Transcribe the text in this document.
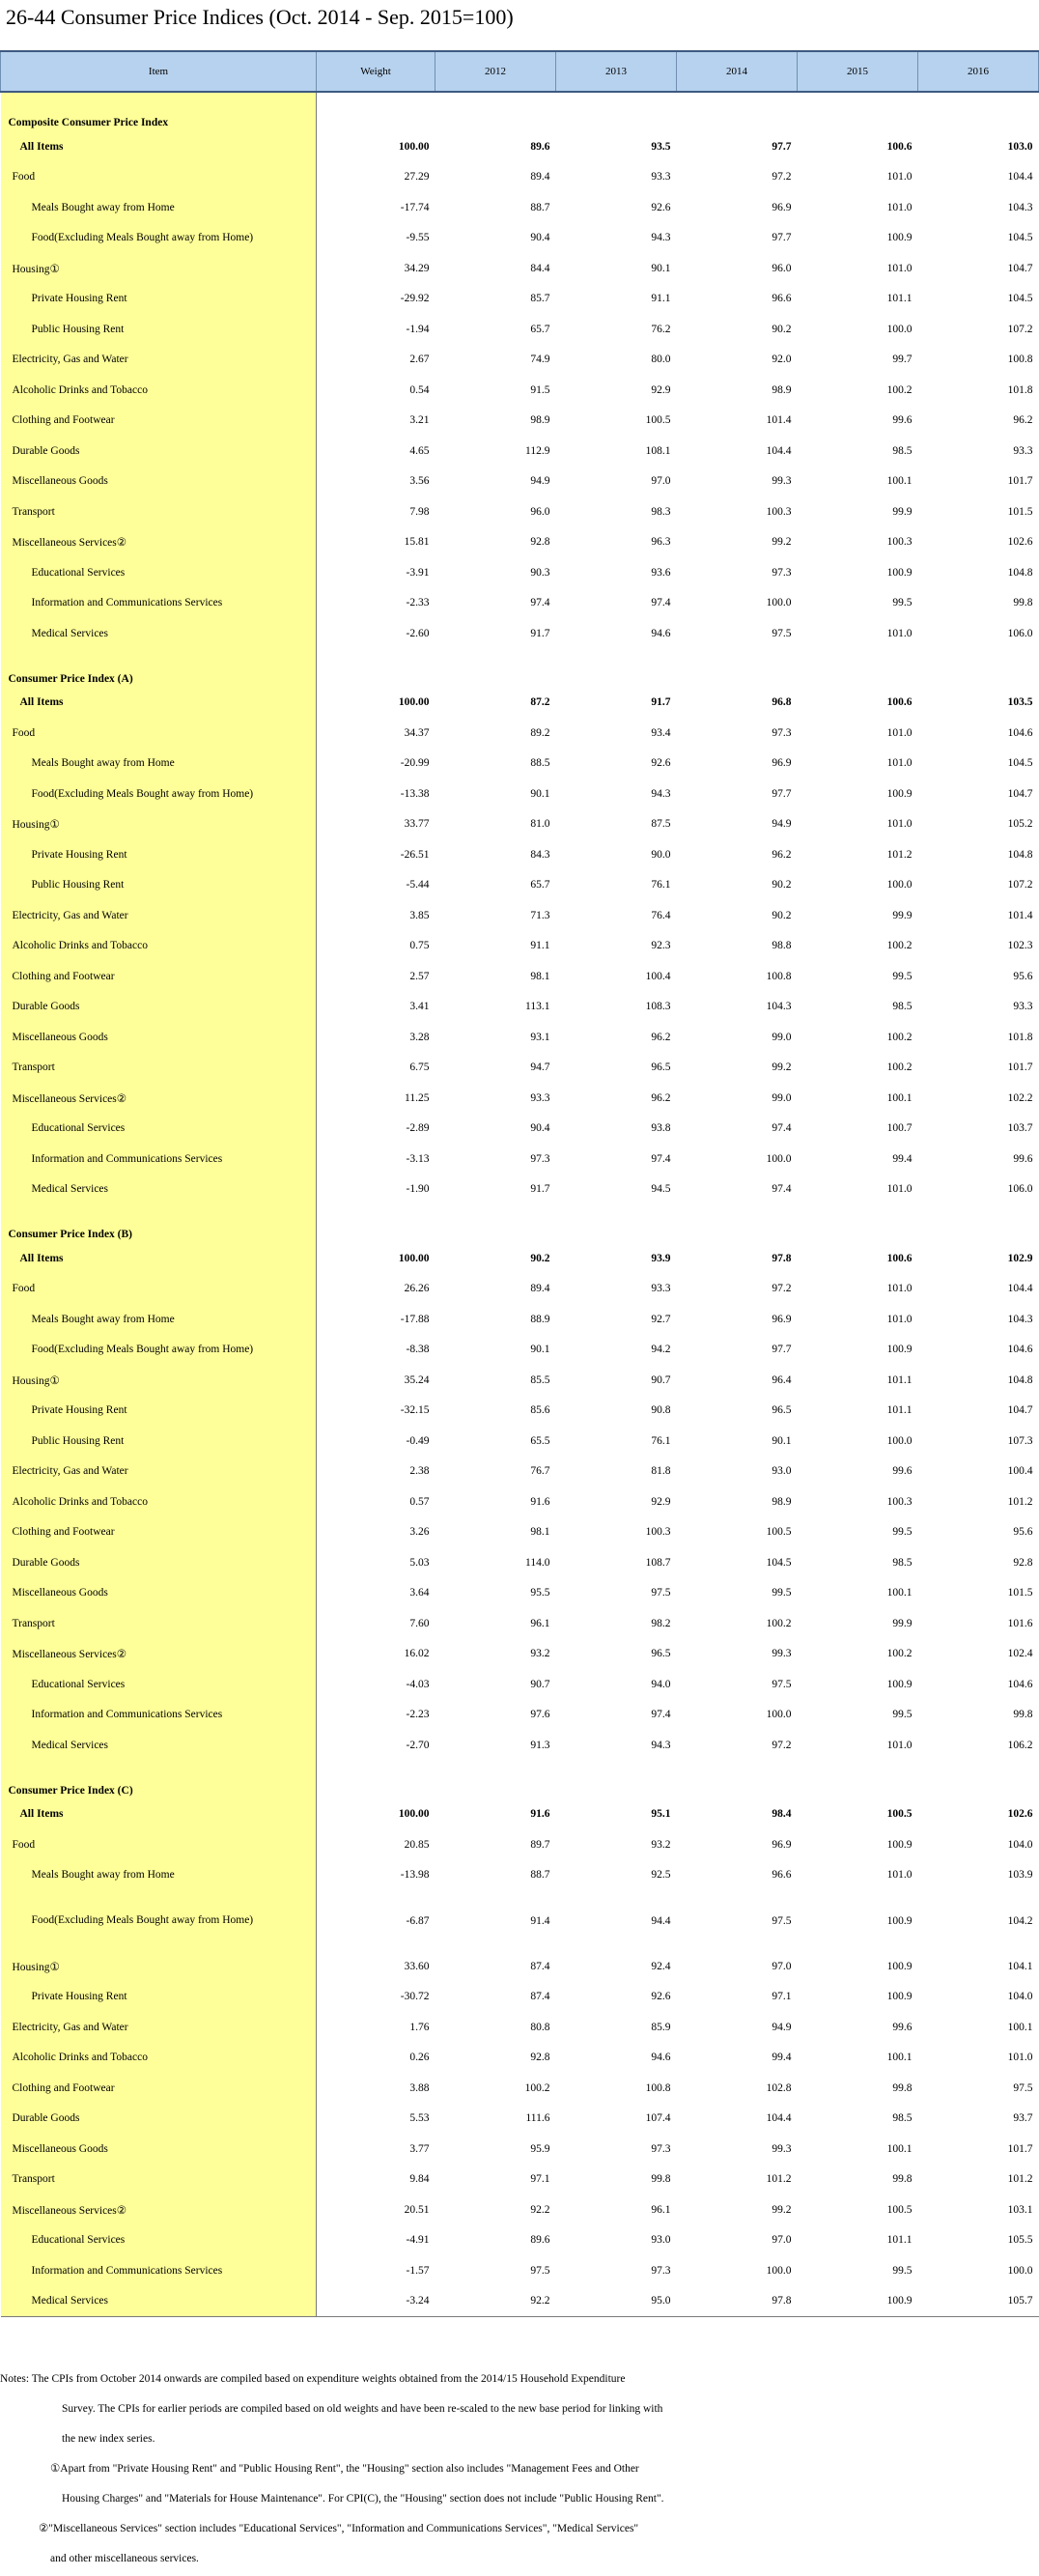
26-44 Consumer Price Indices (Oct. 2014 - Sep. 2015=100)
Item	Weight	2012	2013	2014	2015	2016
Composite Consumer Price Index						
All Items	100.00	89.6	93.5	97.7	100.6	103.0
Food	27.29	89.4	93.3	97.2	101.0	104.4
Meals Bought away from Home	-17.74	88.7	92.6	96.9	101.0	104.3
Food(Excluding Meals Bought away from Home)	-9.55	90.4	94.3	97.7	100.9	104.5
Housing①	34.29	84.4	90.1	96.0	101.0	104.7
Private Housing Rent	-29.92	85.7	91.1	96.6	101.1	104.5
Public Housing Rent	-1.94	65.7	76.2	90.2	100.0	107.2
Electricity, Gas and Water	2.67	74.9	80.0	92.0	99.7	100.8
Alcoholic Drinks and Tobacco	0.54	91.5	92.9	98.9	100.2	101.8
Clothing and Footwear	3.21	98.9	100.5	101.4	99.6	96.2
Durable Goods	4.65	112.9	108.1	104.4	98.5	93.3
Miscellaneous Goods	3.56	94.9	97.0	99.3	100.1	101.7
Transport	7.98	96.0	98.3	100.3	99.9	101.5
Miscellaneous Services②	15.81	92.8	96.3	99.2	100.3	102.6
Educational Services	-3.91	90.3	93.6	97.3	100.9	104.8
Information and Communications Services	-2.33	97.4	97.4	100.0	99.5	99.8
Medical Services	-2.60	91.7	94.6	97.5	101.0	106.0
Consumer Price Index (A)						
All Items	100.00	87.2	91.7	96.8	100.6	103.5
Food	34.37	89.2	93.4	97.3	101.0	104.6
Meals Bought away from Home	-20.99	88.5	92.6	96.9	101.0	104.5
Food(Excluding Meals Bought away from Home)	-13.38	90.1	94.3	97.7	100.9	104.7
Housing①	33.77	81.0	87.5	94.9	101.0	105.2
Private Housing Rent	-26.51	84.3	90.0	96.2	101.2	104.8
Public Housing Rent	-5.44	65.7	76.1	90.2	100.0	107.2
Electricity, Gas and Water	3.85	71.3	76.4	90.2	99.9	101.4
Alcoholic Drinks and Tobacco	0.75	91.1	92.3	98.8	100.2	102.3
Clothing and Footwear	2.57	98.1	100.4	100.8	99.5	95.6
Durable Goods	3.41	113.1	108.3	104.3	98.5	93.3
Miscellaneous Goods	3.28	93.1	96.2	99.0	100.2	101.8
Transport	6.75	94.7	96.5	99.2	100.2	101.7
Miscellaneous Services②	11.25	93.3	96.2	99.0	100.1	102.2
Educational Services	-2.89	90.4	93.8	97.4	100.7	103.7
Information and Communications Services	-3.13	97.3	97.4	100.0	99.4	99.6
Medical Services	-1.90	91.7	94.5	97.4	101.0	106.0
Consumer Price Index (B)						
All Items	100.00	90.2	93.9	97.8	100.6	102.9
Food	26.26	89.4	93.3	97.2	101.0	104.4
Meals Bought away from Home	-17.88	88.9	92.7	96.9	101.0	104.3
Food(Excluding Meals Bought away from Home)	-8.38	90.1	94.2	97.7	100.9	104.6
Housing①	35.24	85.5	90.7	96.4	101.1	104.8
Private Housing Rent	-32.15	85.6	90.8	96.5	101.1	104.7
Public Housing Rent	-0.49	65.5	76.1	90.1	100.0	107.3
Electricity, Gas and Water	2.38	76.7	81.8	93.0	99.6	100.4
Alcoholic Drinks and Tobacco	0.57	91.6	92.9	98.9	100.3	101.2
Clothing and Footwear	3.26	98.1	100.3	100.5	99.5	95.6
Durable Goods	5.03	114.0	108.7	104.5	98.5	92.8
Miscellaneous Goods	3.64	95.5	97.5	99.5	100.1	101.5
Transport	7.60	96.1	98.2	100.2	99.9	101.6
Miscellaneous Services②	16.02	93.2	96.5	99.3	100.2	102.4
Educational Services	-4.03	90.7	94.0	97.5	100.9	104.6
Information and Communications Services	-2.23	97.6	97.4	100.0	99.5	99.8
Medical Services	-2.70	91.3	94.3	97.2	101.0	106.2
Consumer Price Index (C)						
All Items	100.00	91.6	95.1	98.4	100.5	102.6
Food	20.85	89.7	93.2	96.9	100.9	104.0
Meals Bought away from Home	-13.98	88.7	92.5	96.6	101.0	103.9
Food(Excluding Meals Bought away from Home)	-6.87	91.4	94.4	97.5	100.9	104.2
Housing①	33.60	87.4	92.4	97.0	100.9	104.1
Private Housing Rent	-30.72	87.4	92.6	97.1	100.9	104.0
Electricity, Gas and Water	1.76	80.8	85.9	94.9	99.6	100.1
Alcoholic Drinks and Tobacco	0.26	92.8	94.6	99.4	100.1	101.0
Clothing and Footwear	3.88	100.2	100.8	102.8	99.8	97.5
Durable Goods	5.53	111.6	107.4	104.4	98.5	93.7
Miscellaneous Goods	3.77	95.9	97.3	99.3	100.1	101.7
Transport	9.84	97.1	99.8	101.2	99.8	101.2
Miscellaneous Services②	20.51	92.2	96.1	99.2	100.5	103.1
Educational Services	-4.91	89.6	93.0	97.0	101.1	105.5
Information and Communications Services	-1.57	97.5	97.3	100.0	99.5	100.0
Medical Services	-3.24	92.2	95.0	97.8	100.9	105.7
Notes: The CPIs from October 2014 onwards are compiled based on expenditure weights obtained from the 2014/15 Household Expenditure
Survey. The CPIs for earlier periods are compiled based on old weights and have been re-scaled to the new base period for linking with
the new index series.
①Apart from "Private Housing Rent" and "Public Housing Rent", the "Housing" section also includes "Management Fees and Other
Housing Charges" and "Materials for House Maintenance". For CPI(C), the "Housing" section does not include "Public Housing Rent".
②"Miscellaneous Services" section includes "Educational Services", "Information and Communications Services", "Medical Services"
and other miscellaneous services.
